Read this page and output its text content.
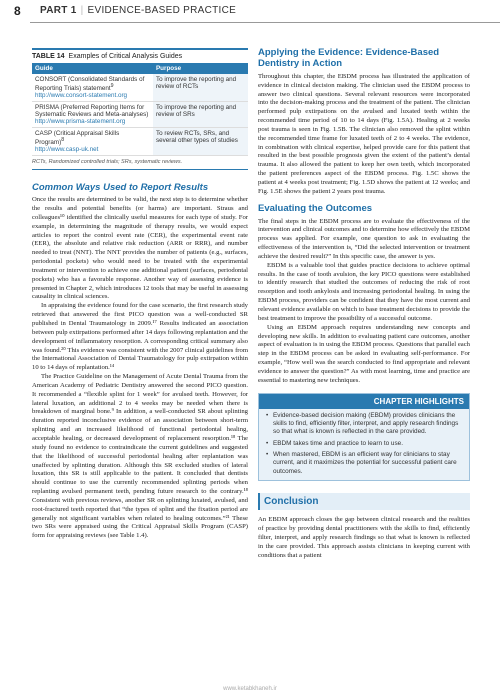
8 PART 1 | EVIDENCE-BASED PRACTICE
TABLE 14 Examples of Critical Analysis Guides
Guide	Purpose
CONSORT (Consolidated Standards of Reporting Trials) statement$^9$
http://www.consort-statement.org	To improve the reporting and review of RCTs
PRISMA (Preferred Reporting Items for Systematic Reviews and Meta-analyses)
http://www.prisma-statement.org	To improve the reporting and review of SRs
CASP (Critical Appraisal Skills Program)$^8$
http://www.casp-uk.net	To review RCTs, SRs, and several other types of studies
RCTs, Randomized controlled trials; SRs, systematic reviews.
Common Ways Used to Report Results

Once the results are determined to be valid, the next step is to determine whether the results and potential benefits (or harms) are important. Straus and colleagues¹⁰ identified the clinically useful measures for each type of study. For example, in determining the magnitude of therapy results, we would expect articles to report the control event rate (CER), the experimental event rate (EER), the absolute and relative risk reduction (ARR or RRR), and number needed to treat (NNT). The NNT provides the number of patients (e.g., surfaces, periodontal pockets) who would need to be treated with the experimental treatment or intervention to achieve one additional patient (surfaces, periodontal pockets) who has a favorable response. Another way of assessing evidence is presented in Chapter 2, which introduces 12 tools that may be useful in assessing causality in clinical sciences.

In appraising the evidence found for the case scenario, the first research study retrieved that answered the first PICO question was a well-conducted SR published in Dental Traumatology in 2009.¹⁷ Results indicated an association between pulp extirpations performed after 14 days following replantation and the development of inflammatory resorption. A corresponding critical summary also was found.²⁰ This evidence was consistent with the 2007 clinical guidelines from the International Association of Dental Traumatology for pulp extirpation within 10 to 14 days of replantation.¹⁴

The Practice Guideline on the Management of Acute Dental Trauma from the American Academy of Pediatric Dentistry answered the second PICO question. It recommended a “flexible splint for 1 week” for avulsed teeth. However, for lateral luxation, an additional 2 to 4 weeks may be needed when there is breakdown of marginal bone.⁹ In addition, a well-conducted SR about splinting duration reported inconclusive evidence of an association between short-term splinting and an increased likelihood of functional periodontal healing, acceptable healing, or decreased development of replacement resorption.¹⁸ The study found no evidence to contraindicate the current guidelines and suggested that the likelihood of successful periodontal healing after replantation was unaffected by splinting duration. Although this SR excluded studies of lateral luxation, this SR is still applicable to the patient. It concluded that dentists should continue to use the currently recommended splinting periods when replanting avulsed permanent teeth, pending future research to the contrary.¹⁸ Consistent with previous reviews, another SR on splinting luxated, avulsed, and root-fractured teeth reported that “the types of splint and the fixation period are generally not significant variables when related to healing outcomes.”²¹ These two SRs were appraised using the Critical Appraisal Skills Program (CASP) form for appraising reviews (see Table 1.4).

Applying the Evidence: Evidence-Based Dentistry in Action

Throughout this chapter, the EBDM process has illustrated the application of evidence in clinical decision making. The clinician used the EBDM process to answer two clinical questions. Several relevant resources were incorporated into the decision-making process and the treatment of the patient. The clinician performed pulp extirpations on the avulsed and luxated teeth within the recommended time period of 10 to 14 days (Fig. 1.5A). Healing at 2 weeks post trauma is seen in Fig. 1.5B. The clinician also removed the splint within the recommended time frame for luxated teeth of 2 to 4 weeks. The evidence, in combination with clinical expertise, helped provide care for this patient that resulted in the best possible prognosis given the extent of the patient’s dental trauma. It also allowed the patient to keep her own teeth, which incorporated the patient preferences aspect of the EBDM process. Fig. 1.5C shows the patient at 4 weeks post treatment; Fig. 1.5D shows the patient at 12 weeks; and Fig. 1.5E shows the patient 2 years post trauma.

Evaluating the Outcomes

The final steps in the EBDM process are to evaluate the effectiveness of the intervention and clinical outcomes and to determine how effectively the EBDM process was applied. For example, one question to ask in evaluating the effectiveness of the intervention is, “Did the selected intervention or treatment achieve the desired result?” In this specific case, the answer is yes.

EBDM is a valuable tool that guides practice decisions to achieve optimal results. In the case of tooth avulsion, the key PICO questions were established to identify research that studied the outcomes of reducing the risk of root resorption and tooth ankylosis and increasing periodontal healing. In using the EBDM process, providers can be confident that they have the most current and relevant evidence available on which to base treatment decisions to provide the best treatment to improve the possibility of a successful outcome.

Using an EBDM approach requires understanding new concepts and developing new skills. In addition to evaluating patient care outcomes, another aspect of evaluation is in using the EBDM process. Questions that parallel each step in the EBDM process can be asked in evaluating self-performance. For example, “How well was the search conducted to find appropriate and relevant evidence to answer the question?” As with most learning, time and practice are essential to mastering new techniques.

CHAPTER HIGHLIGHTS
• Evidence-based decision making (EBDM) provides clinicians the skills to find, efficiently filter, interpret, and apply research findings so that what is known is reflected in the care provided.
• EBDM takes time and practice to learn to use.
• When mastered, EBDM is an efficient way for clinicians to stay current, and it maximizes the potential for successful patient care outcomes.
Conclusion

An EBDM approach closes the gap between clinical research and the realities of practice by providing dental practitioners with the skills to find, efficiently filter, interpret, and apply research findings so that what is known is reflected in the care provided. This approach assists clinicians in keeping current with conditions that a patient

www.ketabkhaneh.ir
